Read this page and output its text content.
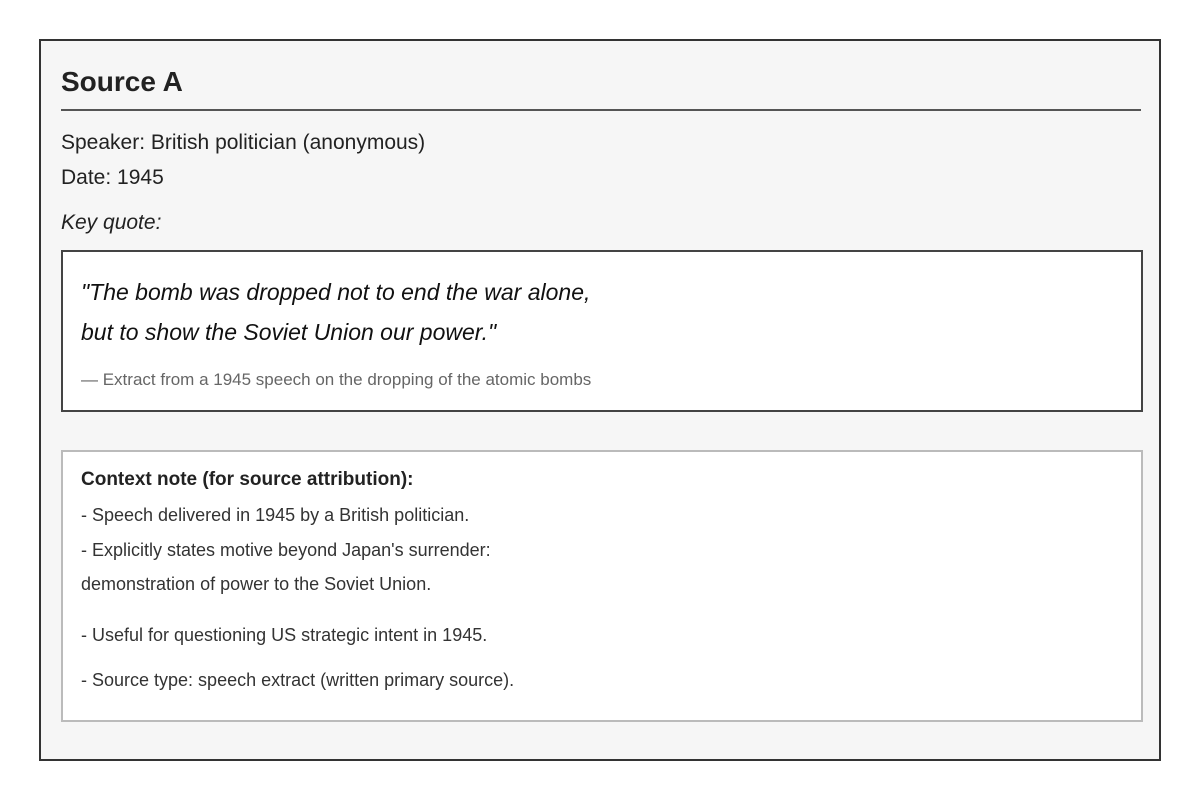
Source A
Speaker: British politician (anonymous)
Date: 1945
Key quote:
"The bomb was dropped not to end the war alone,
but to show the Soviet Union our power."
— Extract from a 1945 speech on the dropping of the atomic bombs
Context note (for source attribution):
- Speech delivered in 1945 by a British politician.
- Explicitly states motive beyond Japan's surrender:
demonstration of power to the Soviet Union.
- Useful for questioning US strategic intent in 1945.
- Source type: speech extract (written primary source).
